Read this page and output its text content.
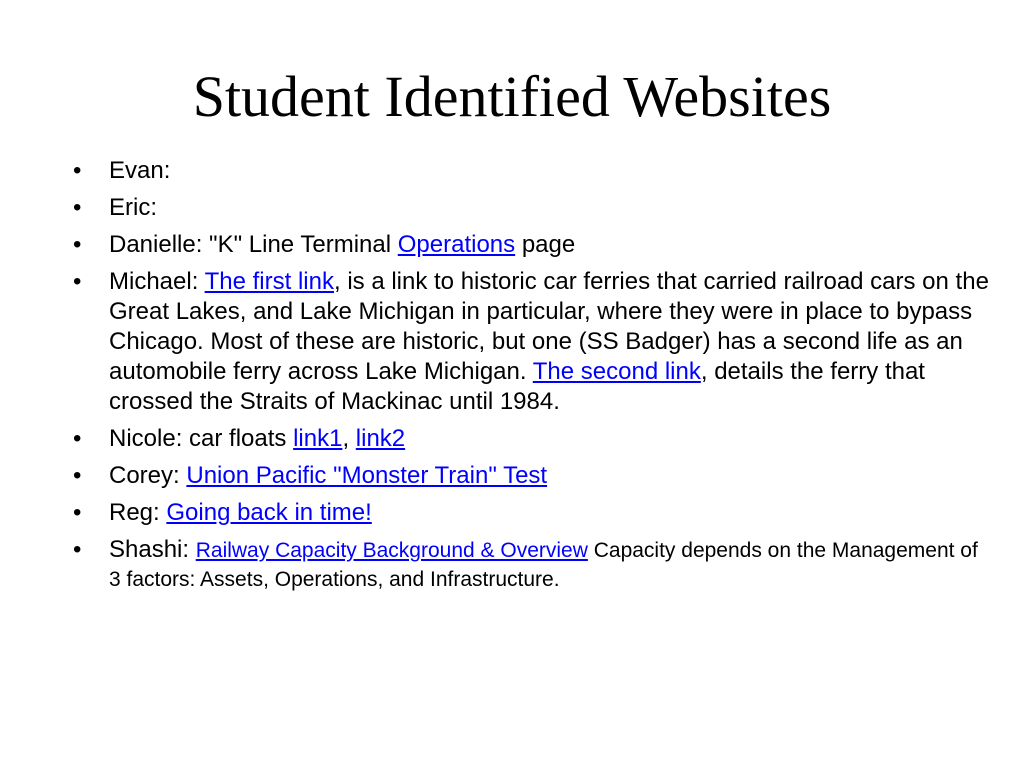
Student Identified Websites
• Evan:
• Eric:
• Danielle: "K" Line Terminal Operations page
• Michael: The first link, is a link to historic car ferries that carried railroad cars on the Great Lakes, and Lake Michigan in particular, where they were in place to bypass Chicago. Most of these are historic, but one (SS Badger) has a second life as an automobile ferry across Lake Michigan. The second link, details the ferry that crossed the Straits of Mackinac until 1984.
• Nicole: car floats link1, link2
• Corey: Union Pacific "Monster Train" Test
• Reg: Going back in time!
• Shashi: Railway Capacity Background & Overview Capacity depends on the Management of 3 factors: Assets, Operations, and Infrastructure.
